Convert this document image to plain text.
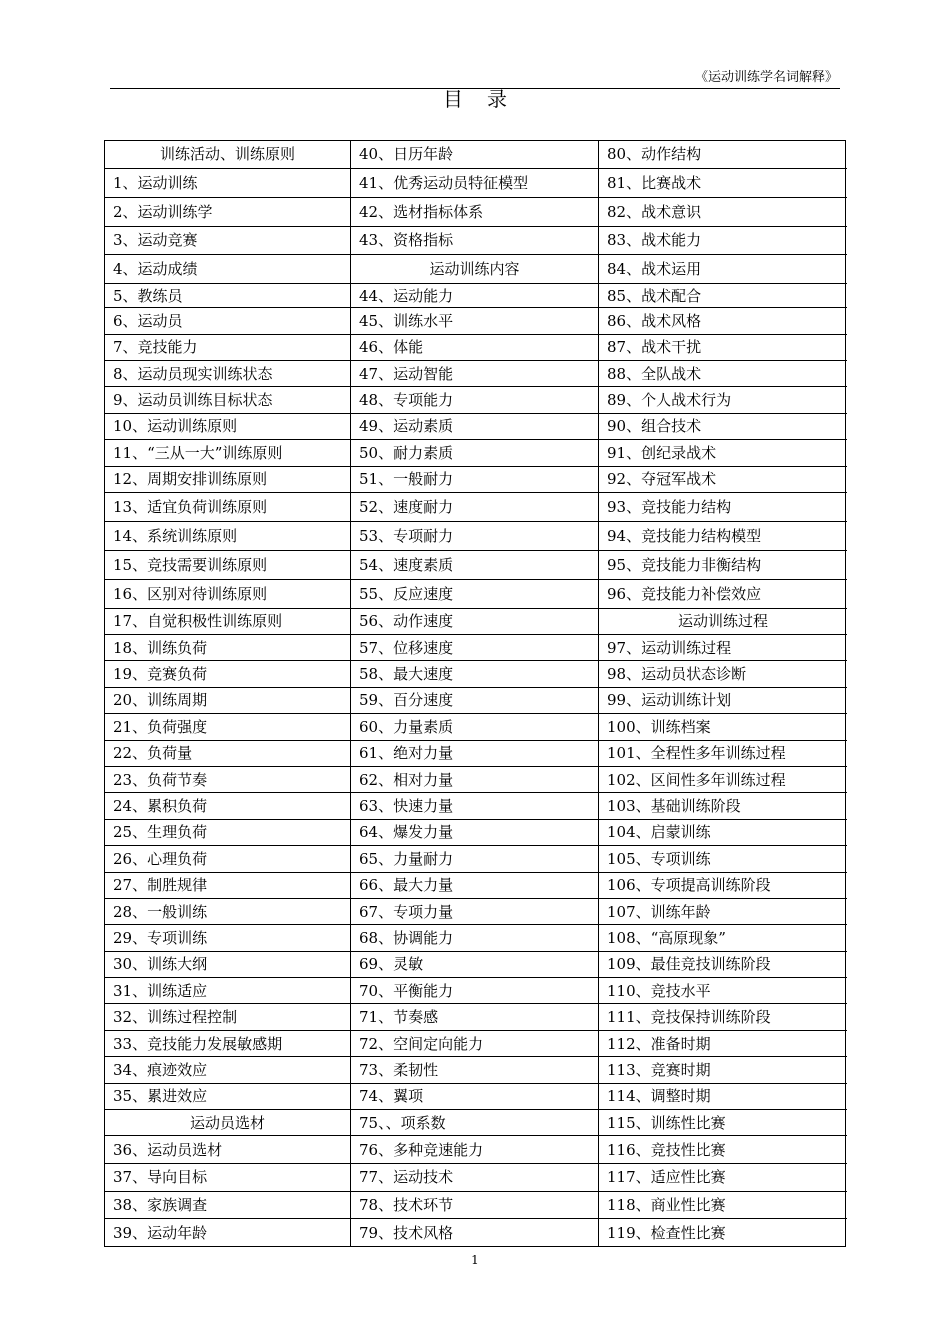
《运动训练学名词解释》
目录
训练活动、训练原则
1、运动训练
2、运动训练学
3、运动竞赛
4、运动成绩
5、教练员
6、运动员
7、竞技能力
8、运动员现实训练状态
9、运动员训练目标状态
10、运动训练原则
11、“三从一大”训练原则
12、周期安排训练原则
13、适宜负荷训练原则
14、系统训练原则
15、竞技需要训练原则
16、区别对待训练原则
17、自觉积极性训练原则
18、训练负荷
19、竞赛负荷
20、训练周期
21、负荷强度
22、负荷量
23、负荷节奏
24、累积负荷
25、生理负荷
26、心理负荷
27、制胜规律
28、一般训练
29、专项训练
30、训练大纲
31、训练适应
32、训练过程控制
33、竞技能力发展敏感期
34、痕迹效应
35、累进效应
运动员选材
36、运动员选材
37、导向目标
38、家族调查
39、运动年龄
40、日历年龄
41、优秀运动员特征模型
42、选材指标体系
43、资格指标
运动训练内容
44、运动能力
45、训练水平
46、体能
47、运动智能
48、专项能力
49、运动素质
50、耐力素质
51、一般耐力
52、速度耐力
53、专项耐力
54、速度素质
55、反应速度
56、动作速度
57、位移速度
58、最大速度
59、百分速度
60、力量素质
61、绝对力量
62、相对力量
63、快速力量
64、爆发力量
65、力量耐力
66、最大力量
67、专项力量
68、协调能力
69、灵敏
70、平衡能力
71、节奏感
72、空间定向能力
73、柔韧性
74、翼项
75、、项系数
76、多种竞速能力
77、运动技术
78、技术环节
79、技术风格
80、动作结构
81、比赛战术
82、战术意识
83、战术能力
84、战术运用
85、战术配合
86、战术风格
87、战术干扰
88、全队战术
89、个人战术行为
90、组合技术
91、创纪录战术
92、夺冠军战术
93、竞技能力结构
94、竞技能力结构模型
95、竞技能力非衡结构
96、竞技能力补偿效应
运动训练过程
97、运动训练过程
98、运动员状态诊断
99、运动训练计划
100、训练档案
101、全程性多年训练过程
102、区间性多年训练过程
103、基础训练阶段
104、启蒙训练
105、专项训练
106、专项提高训练阶段
107、训练年龄
108、“高原现象”
109、最佳竞技训练阶段
110、竞技水平
111、竞技保持训练阶段
112、准备时期
113、竞赛时期
114、调整时期
115、训练性比赛
116、竞技性比赛
117、适应性比赛
118、商业性比赛
119、检查性比赛
1
